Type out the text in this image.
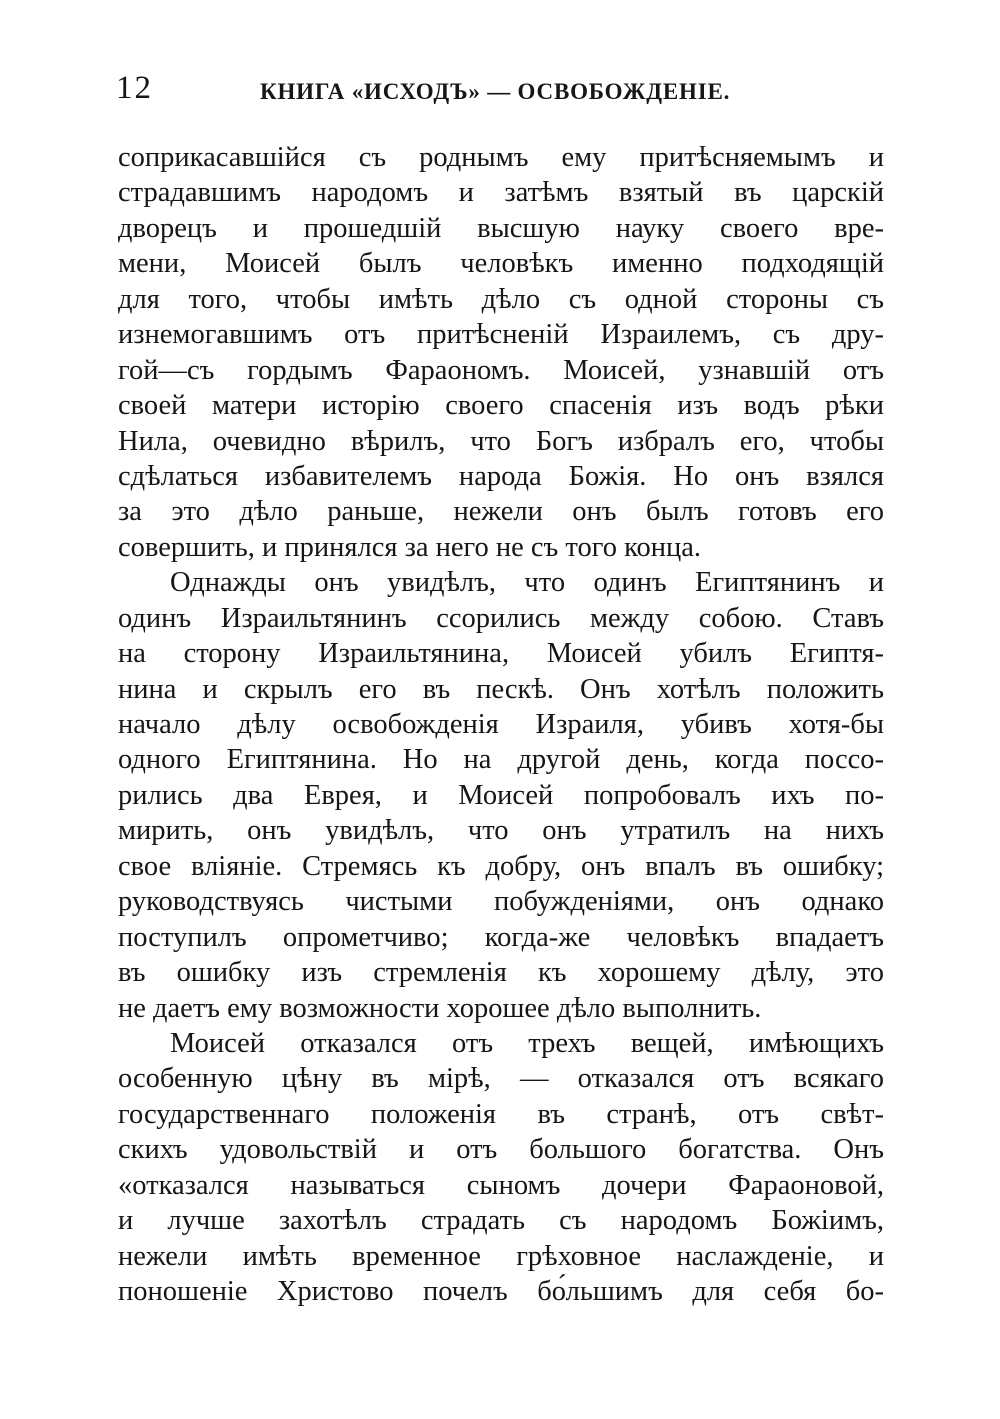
12	КНИГА «ИСХОДЪ» — ОСВОБОЖДЕНІЕ.
соприкасавшійся съ роднымъ ему притѣсняемымъ и
страдавшимъ народомъ и затѣмъ взятый въ царскій
дворецъ и прошедшій высшую науку своего вре-
мени, Моисей былъ человѣкъ именно подходящій
для того, чтобы имѣть дѣло съ одной стороны съ
изнемогавшимъ отъ притѣсненій Израилемъ, съ дру-
гой—съ гордымъ Фараономъ. Моисей, узнавшій отъ
своей матери исторію своего спасенія изъ водъ рѣки
Нила, очевидно вѣрилъ, что Богъ избралъ его, чтобы
сдѣлаться избавителемъ народа Божія. Но онъ взялся
за это дѣло раньше, нежели онъ былъ готовъ его
совершить, и принялся за него не съ того конца.
Однажды онъ увидѣлъ, что одинъ Египтянинъ и
одинъ Израильтянинъ ссорились между собою. Ставъ
на сторону Израильтянина, Моисей убилъ Египтя-
нина и скрылъ его въ пескѣ. Онъ хотѣлъ положить
начало дѣлу освобожденія Израиля, убивъ хотя-бы
одного Египтянина. Но на другой день, когда поссо-
рились два Еврея, и Моисей попробовалъ ихъ по-
мирить, онъ увидѣлъ, что онъ утратилъ на нихъ
свое вліяніе. Стремясь къ добру, онъ впалъ въ ошибку;
руководствуясь чистыми побужденіями, онъ однако
поступилъ опрометчиво; когда-же человѣкъ впадаетъ
въ ошибку изъ стремленія къ хорошему дѣлу, это
не даетъ ему возможности хорошее дѣло выполнить.
Моисей отказался отъ трехъ вещей, имѣющихъ
особенную цѣну въ мірѣ, — отказался отъ всякаго
государственнаго положенія въ странѣ, отъ свѣт-
скихъ удовольствій и отъ большого богатства. Онъ
«отказался называться сыномъ дочери Фараоновой,
и лучше захотѣлъ страдать съ народомъ Божіимъ,
нежели имѣть временное грѣховное наслажденіе, и
поношеніе Христово почелъ бо́льшимъ для себя бо-
